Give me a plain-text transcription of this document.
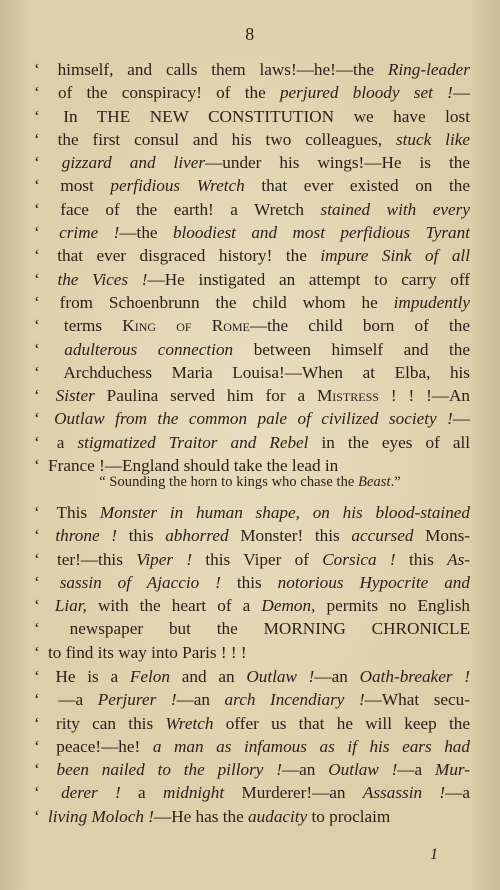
8
‘ himself, and calls them laws!—he!—the Ring-leader
‘ of the conspiracy! of the perjured bloody set !—
‘ In THE NEW CONSTITUTION we have lost
‘ the first consul and his two colleagues, stuck like
‘ gizzard and liver—under his wings!—He is the
‘ most perfidious Wretch that ever existed on the
‘ face of the earth! a Wretch stained with every
‘ crime !—the bloodiest and most perfidious Tyrant
‘ that ever disgraced history! the impure Sink of all
‘ the Vices !—He instigated an attempt to carry off
‘ from Schoenbrunn the child whom he impudently
‘ terms King of Rome—the child born of the
‘ adulterous connection between himself and the
‘ Archduchess Maria Louisa!—When at Elba, his
‘ Sister Paulina served him for a Mistress ! ! !—An
‘ Outlaw from the common pale of civilized society !—
‘ a stigmatized Traitor and Rebel in the eyes of all
‘ France !—England should take the lead in
“ Sounding the horn to kings who chase the Beast.”
‘ This Monster in human shape, on his blood-stained
‘ throne ! this abhorred Monster! this accursed Mons-
‘ ter!—this Viper ! this Viper of Corsica ! this As-
‘ sassin of Ajaccio ! this notorious Hypocrite and
‘ Liar, with the heart of a Demon, permits no English
‘ newspaper but the MORNING CHRONICLE
‘ to find its way into Paris ! ! !
‘ He is a Felon and an Outlaw !—an Oath-breaker !
‘ —a Perjurer !—an arch Incendiary !—What secu-
‘ rity can this Wretch offer us that he will keep the
‘ peace!—he! a man as infamous as if his ears had
‘ been nailed to the pillory !—an Outlaw !—a Mur-
‘ derer ! a midnight Murderer!—an Assassin !—a
‘ living Moloch !—He has the audacity to proclaim
1
